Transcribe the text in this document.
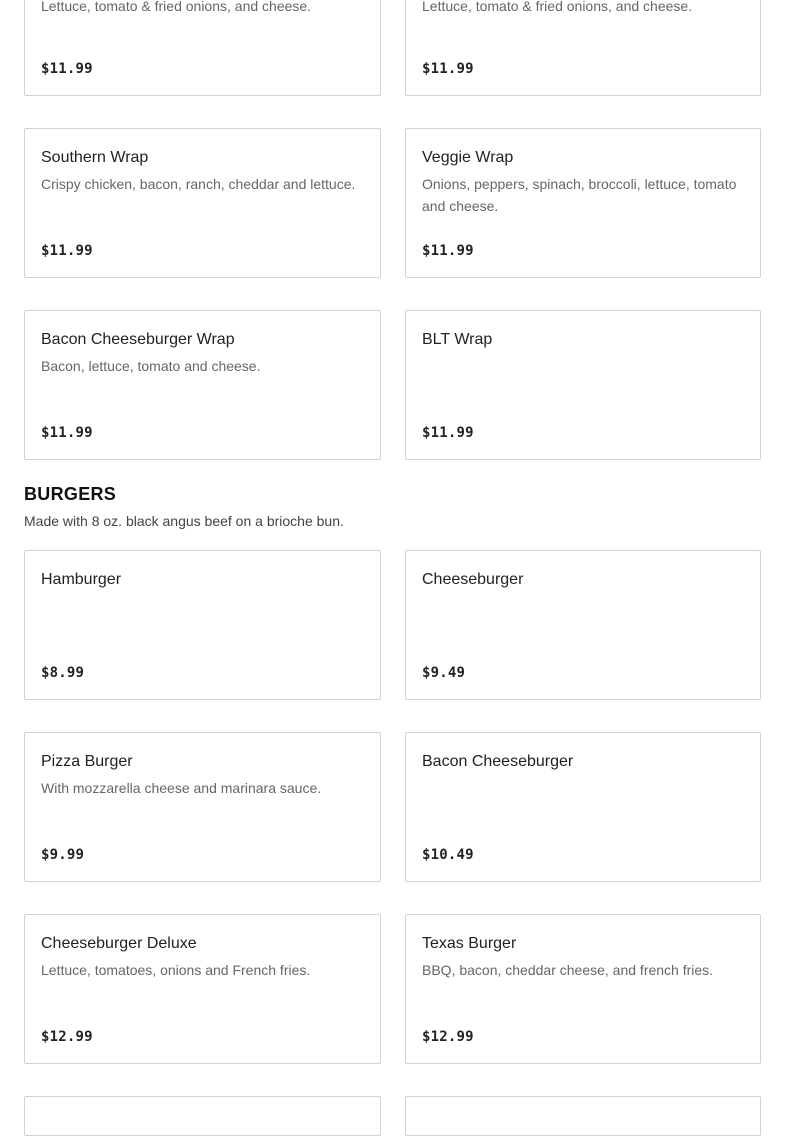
Lettuce, tomato & fried onions, and cheese.
$11.99
Lettuce, tomato & fried onions, and cheese.
$11.99
Southern Wrap
Crispy chicken, bacon, ranch, cheddar and lettuce.
$11.99
Veggie Wrap
Onions, peppers, spinach, broccoli, lettuce, tomato and cheese.
$11.99
Bacon Cheeseburger Wrap
Bacon, lettuce, tomato and cheese.
$11.99
BLT Wrap
$11.99
BURGERS

Made with 8 oz. black angus beef on a brioche bun.

Hamburger
$8.99
Cheeseburger
$9.49
Pizza Burger
With mozzarella cheese and marinara sauce.
$9.99
Bacon Cheeseburger
$10.49
Cheeseburger Deluxe
Lettuce, tomatoes, onions and French fries.
$12.99
Texas Burger
BBQ, bacon, cheddar cheese, and french fries.
$12.99
